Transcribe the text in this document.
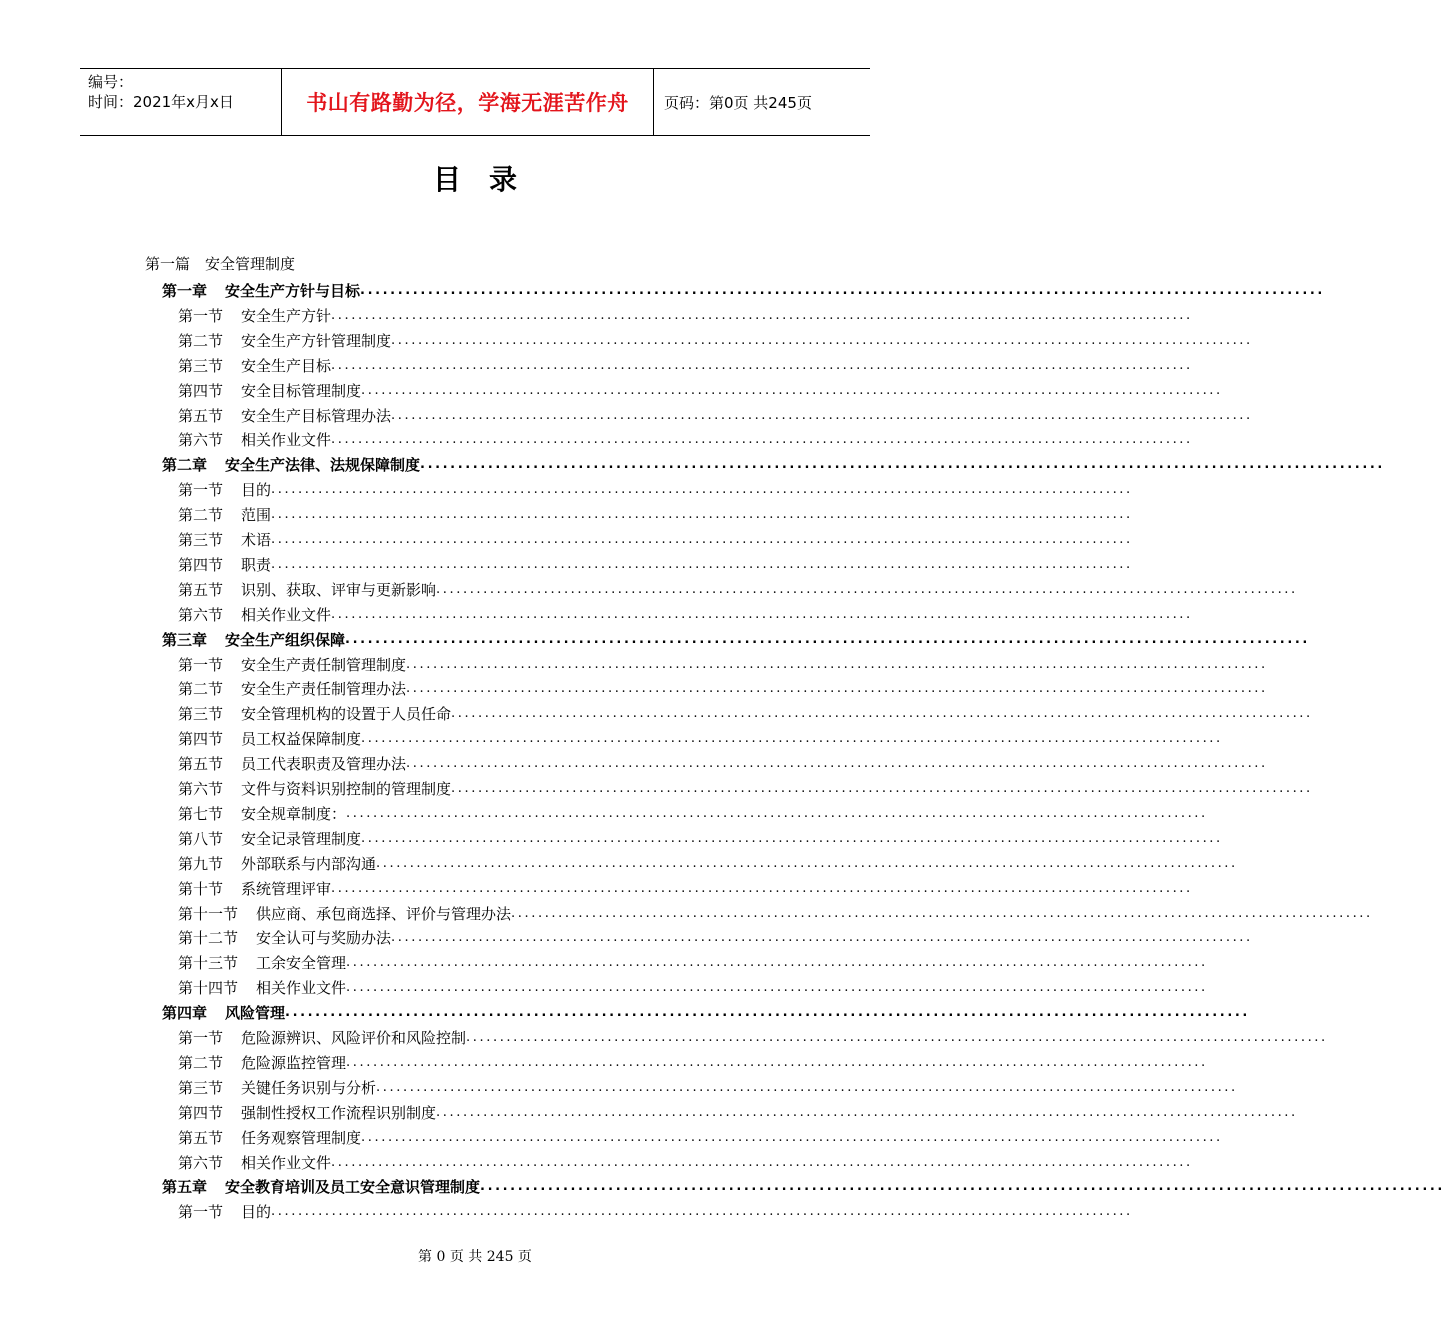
编号：
时间：2021年x月x日	书山有路勤为径，学海无涯苦作舟 页码：第0页 共245页
目录
第一篇　安全管理制度
第一章 安全生产方针与目标 ................................................................................................................................
第一节 安全生产方针 ................................................................................................................................
第二节 安全生产方针管理制度 ................................................................................................................................
第三节 安全生产目标 ................................................................................................................................
第四节 安全目标管理制度 ................................................................................................................................
第五节 安全生产目标管理办法 ................................................................................................................................
第六节 相关作业文件 ................................................................................................................................
第二章 安全生产法律、法规保障制度 ................................................................................................................................
第一节 目的 ................................................................................................................................
第二节 范围 ................................................................................................................................
第三节 术语 ................................................................................................................................
第四节 职责 ................................................................................................................................
第五节 识别、获取、评审与更新影响 ................................................................................................................................
第六节 相关作业文件 ................................................................................................................................
第三章 安全生产组织保障 ................................................................................................................................
第一节 安全生产责任制管理制度 ................................................................................................................................
第二节 安全生产责任制管理办法 ................................................................................................................................
第三节 安全管理机构的设置于人员任命 ................................................................................................................................
第四节 员工权益保障制度 ................................................................................................................................
第五节 员工代表职责及管理办法 ................................................................................................................................
第六节 文件与资料识别控制的管理制度 ................................................................................................................................
第七节 安全规章制度： ................................................................................................................................
第八节 安全记录管理制度 ................................................................................................................................
第九节 外部联系与内部沟通 ................................................................................................................................
第十节 系统管理评审 ................................................................................................................................
第十一节 供应商、承包商选择、评价与管理办法 ................................................................................................................................
第十二节 安全认可与奖励办法 ................................................................................................................................
第十三节 工余安全管理 ................................................................................................................................
第十四节 相关作业文件 ................................................................................................................................
第四章 风险管理 ................................................................................................................................
第一节 危险源辨识、风险评价和风险控制 ................................................................................................................................
第二节 危险源监控管理 ................................................................................................................................
第三节 关键任务识别与分析 ................................................................................................................................
第四节 强制性授权工作流程识别制度 ................................................................................................................................
第五节 任务观察管理制度 ................................................................................................................................
第六节 相关作业文件 ................................................................................................................................
第五章 安全教育培训及员工安全意识管理制度 ................................................................................................................................
第一节 目的 ................................................................................................................................
第 0 页 共 245 页
